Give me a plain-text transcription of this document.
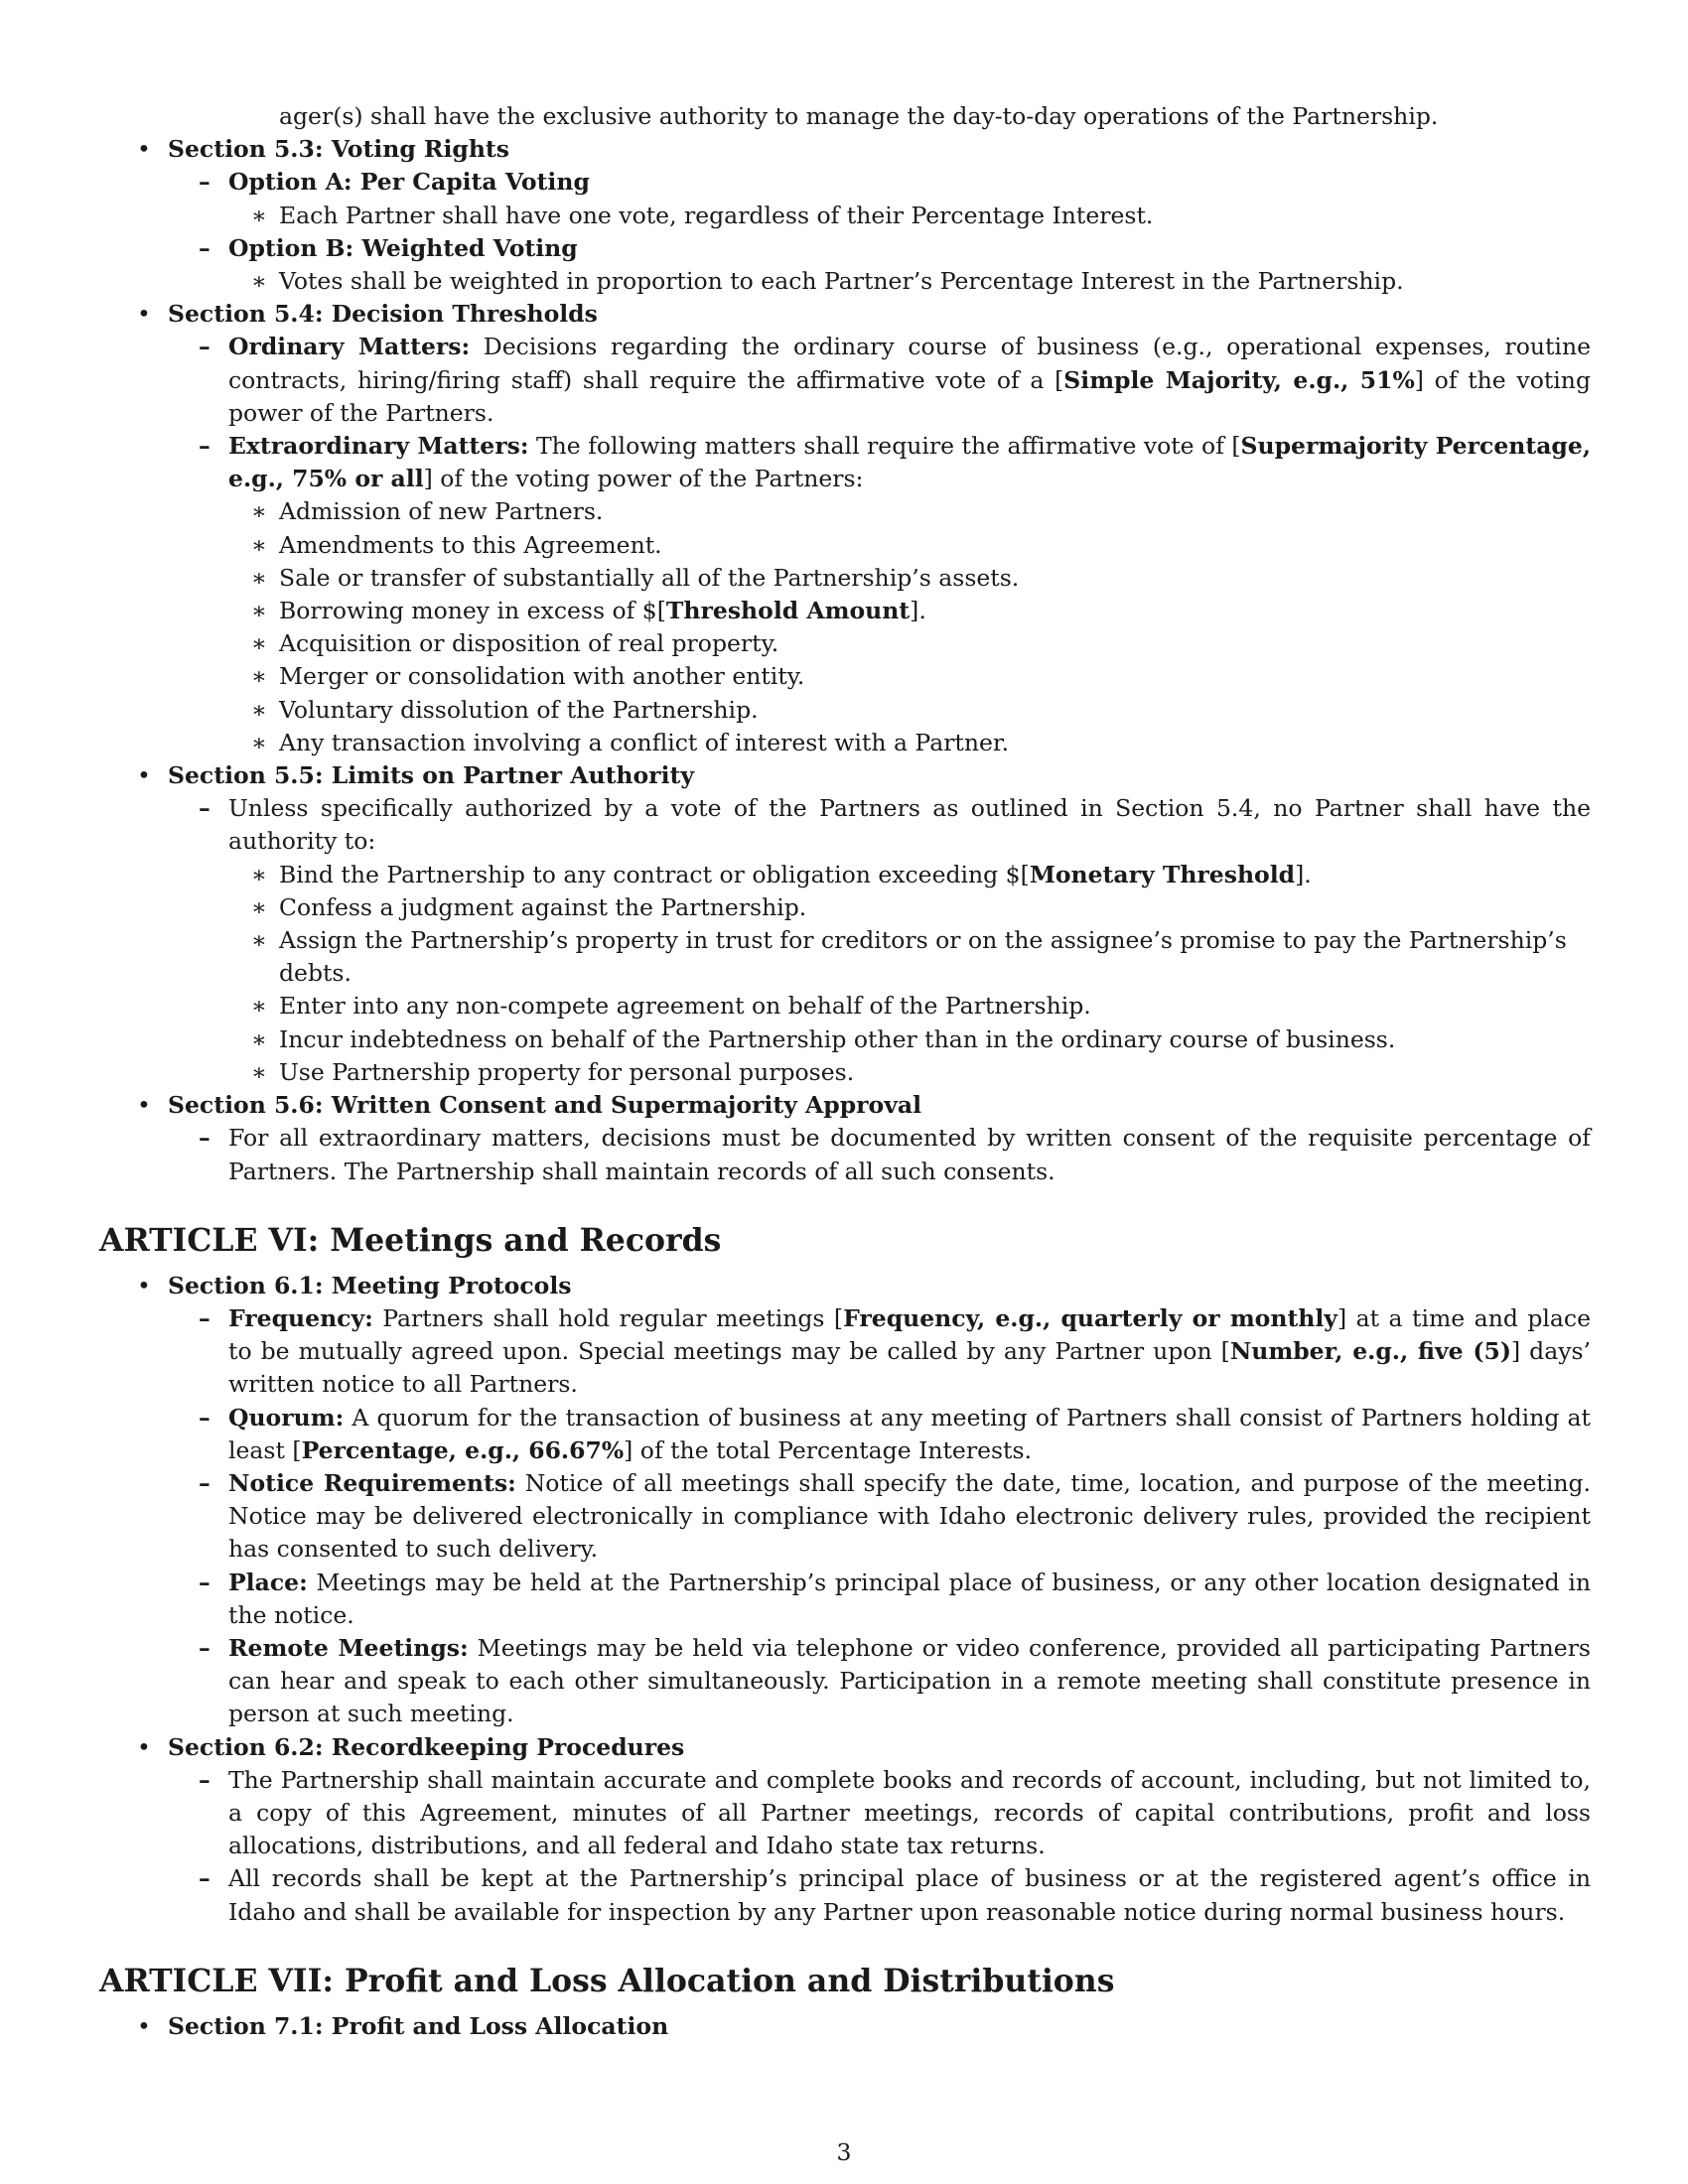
ager(s) shall have the exclusive authority to manage the day-to-day operations of the Partnership.
• Section 5.3: Voting Rights
– Option A: Per Capita Voting
∗ Each Partner shall have one vote, regardless of their Percentage Interest.
– Option B: Weighted Voting
∗ Votes shall be weighted in proportion to each Partner’s Percentage Interest in the Partnership.
• Section 5.4: Decision Thresholds
– Ordinary Matters: Decisions regarding the ordinary course of business (e.g., operational expenses, routine contracts, hiring/firing staff) shall require the affirmative vote of a [Simple Majority, e.g., 51%] of the voting power of the Partners.
– Extraordinary Matters: The following matters shall require the affirmative vote of [Supermajority Percentage, e.g., 75% or all] of the voting power of the Partners:
∗ Admission of new Partners.
∗ Amendments to this Agreement.
∗ Sale or transfer of substantially all of the Partnership’s assets.
∗ Borrowing money in excess of $[Threshold Amount].
∗ Acquisition or disposition of real property.
∗ Merger or consolidation with another entity.
∗ Voluntary dissolution of the Partnership.
∗ Any transaction involving a conflict of interest with a Partner.
• Section 5.5: Limits on Partner Authority
– Unless specifically authorized by a vote of the Partners as outlined in Section 5.4, no Partner shall have the authority to:
∗ Bind the Partnership to any contract or obligation exceeding $[Monetary Threshold].
∗ Confess a judgment against the Partnership.
∗ Assign the Partnership’s property in trust for creditors or on the assignee’s promise to pay the Partnership’s debts.
∗ Enter into any non-compete agreement on behalf of the Partnership.
∗ Incur indebtedness on behalf of the Partnership other than in the ordinary course of business.
∗ Use Partnership property for personal purposes.
• Section 5.6: Written Consent and Supermajority Approval
– For all extraordinary matters, decisions must be documented by written consent of the requisite percentage of Partners. The Partnership shall maintain records of all such consents.
ARTICLE VI: Meetings and Records
• Section 6.1: Meeting Protocols
– Frequency: Partners shall hold regular meetings [Frequency, e.g., quarterly or monthly] at a time and place to be mutually agreed upon. Special meetings may be called by any Partner upon [Number, e.g., five (5)] days’ written notice to all Partners.
– Quorum: A quorum for the transaction of business at any meeting of Partners shall consist of Partners holding at least [Percentage, e.g., 66.67%] of the total Percentage Interests.
– Notice Requirements: Notice of all meetings shall specify the date, time, location, and purpose of the meeting. Notice may be delivered electronically in compliance with Idaho electronic delivery rules, provided the recipient has consented to such delivery.
– Place: Meetings may be held at the Partnership’s principal place of business, or any other location designated in the notice.
– Remote Meetings: Meetings may be held via telephone or video conference, provided all participating Partners can hear and speak to each other simultaneously. Participation in a remote meeting shall constitute presence in person at such meeting.
• Section 6.2: Recordkeeping Procedures
– The Partnership shall maintain accurate and complete books and records of account, including, but not limited to, a copy of this Agreement, minutes of all Partner meetings, records of capital contributions, profit and loss allocations, distributions, and all federal and Idaho state tax returns.
– All records shall be kept at the Partnership’s principal place of business or at the registered agent’s office in Idaho and shall be available for inspection by any Partner upon reasonable notice during normal business hours.
ARTICLE VII: Profit and Loss Allocation and Distributions
• Section 7.1: Profit and Loss Allocation
3
